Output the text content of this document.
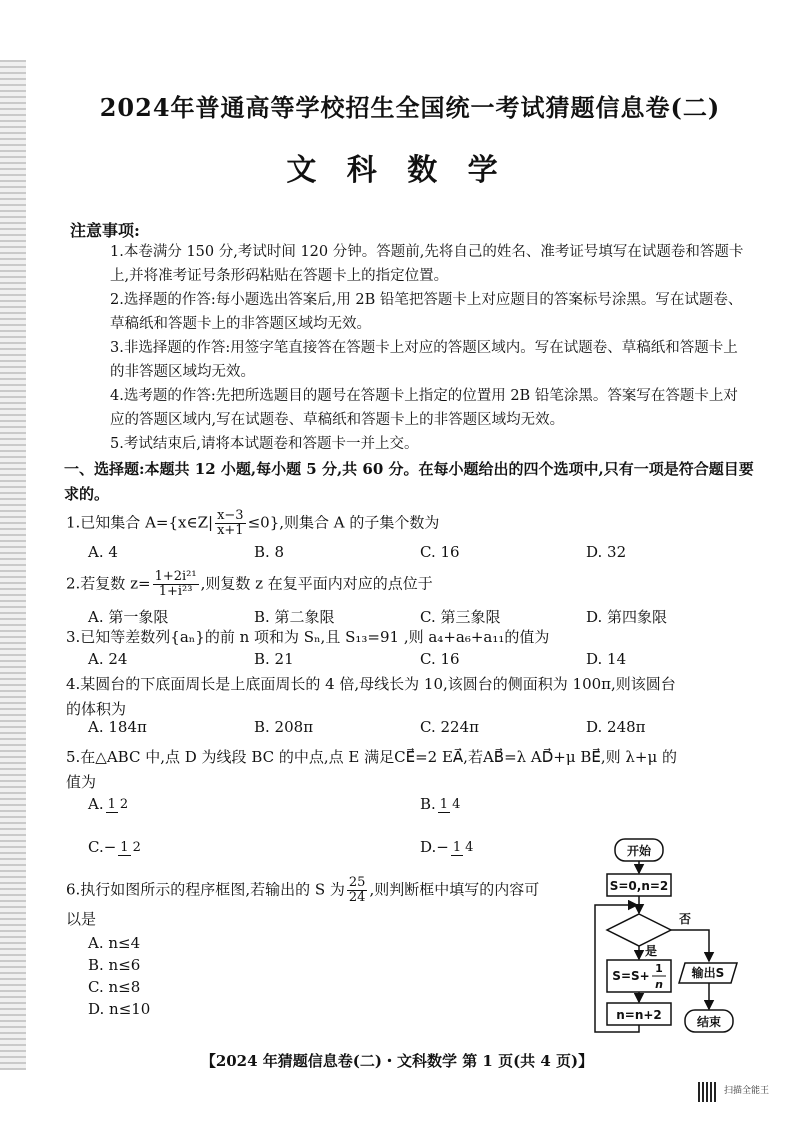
2024年普通高等学校招生全国统一考试猜题信息卷(二)
文 科 数 学
注意事项:

1.本卷满分 150 分,考试时间 120 分钟。答题前,先将自己的姓名、准考证号填写在试题卷和答题卡上,并将准考证号条形码粘贴在答题卡上的指定位置。

2.选择题的作答:每小题选出答案后,用 2B 铅笔把答题卡上对应题目的答案标号涂黑。写在试题卷、草稿纸和答题卡上的非答题区域均无效。

3.非选择题的作答:用签字笔直接答在答题卡上对应的答题区域内。写在试题卷、草稿纸和答题卡上的非答题区域均无效。

4.选考题的作答:先把所选题目的题号在答题卡上指定的位置用 2B 铅笔涂黑。答案写在答题卡上对应的答题区域内,写在试题卷、草稿纸和答题卡上的非答题区域均无效。

5.考试结束后,请将本试题卷和答题卡一并上交。

一、选择题:本题共 12 小题,每小题 5 分,共 60 分。在每小题给出的四个选项中,只有一项是符合题目要求的。
1.已知集合 A={x∈Z| $\frac{x-3}{x+1} \le 0$},则集合 A 的子集个数为
A. 4	B. 8	C. 16	D. 32
2.若复数 $z= \frac{\text{1+2i²¹}}{\text{1+i²³}}$ ,则复数 z 在复平面内对应的点位于
A. 第一象限	B. 第二象限	C. 第三象限	D. 第四象限
3.已知等差数列{aₙ}的前 n 项和为 Sₙ,且 S₁₃=91 ,则 a₄+a₆+a₁₁的值为
A. 24	B. 21	C. 16	D. 14
4.某圆台的下底面周长是上底面周长的 4 倍,母线长为 10,该圆台的侧面积为 100π,则该圆台
的体积为
A. 184π	B. 208π	C. 224π	D. 248π
5.在△ABC 中,点 D 为线段 BC 的中点,点 E 满足CE⃗=2 EA⃗,若AB⃗=λ AD⃗+μ BE⃗,则 λ+μ 的
值为
A. 1 2	B. 1 4
C.− 1 2	D.− 1 4
6.执行如图所示的程序框图,若输出的 S 为 $\frac{25}{24}$ ,则判断框中填写的内容可
以是
A. n≤4
B. n≤6
C. n≤8
D. n≤10
开始
S=0,n=2
否
是
S=S+
1
n
输出S
n=n+2	结束
【2024 年猜题信息卷(二)・文科数学 第 1 页(共 4 页)】
扫描全能王
